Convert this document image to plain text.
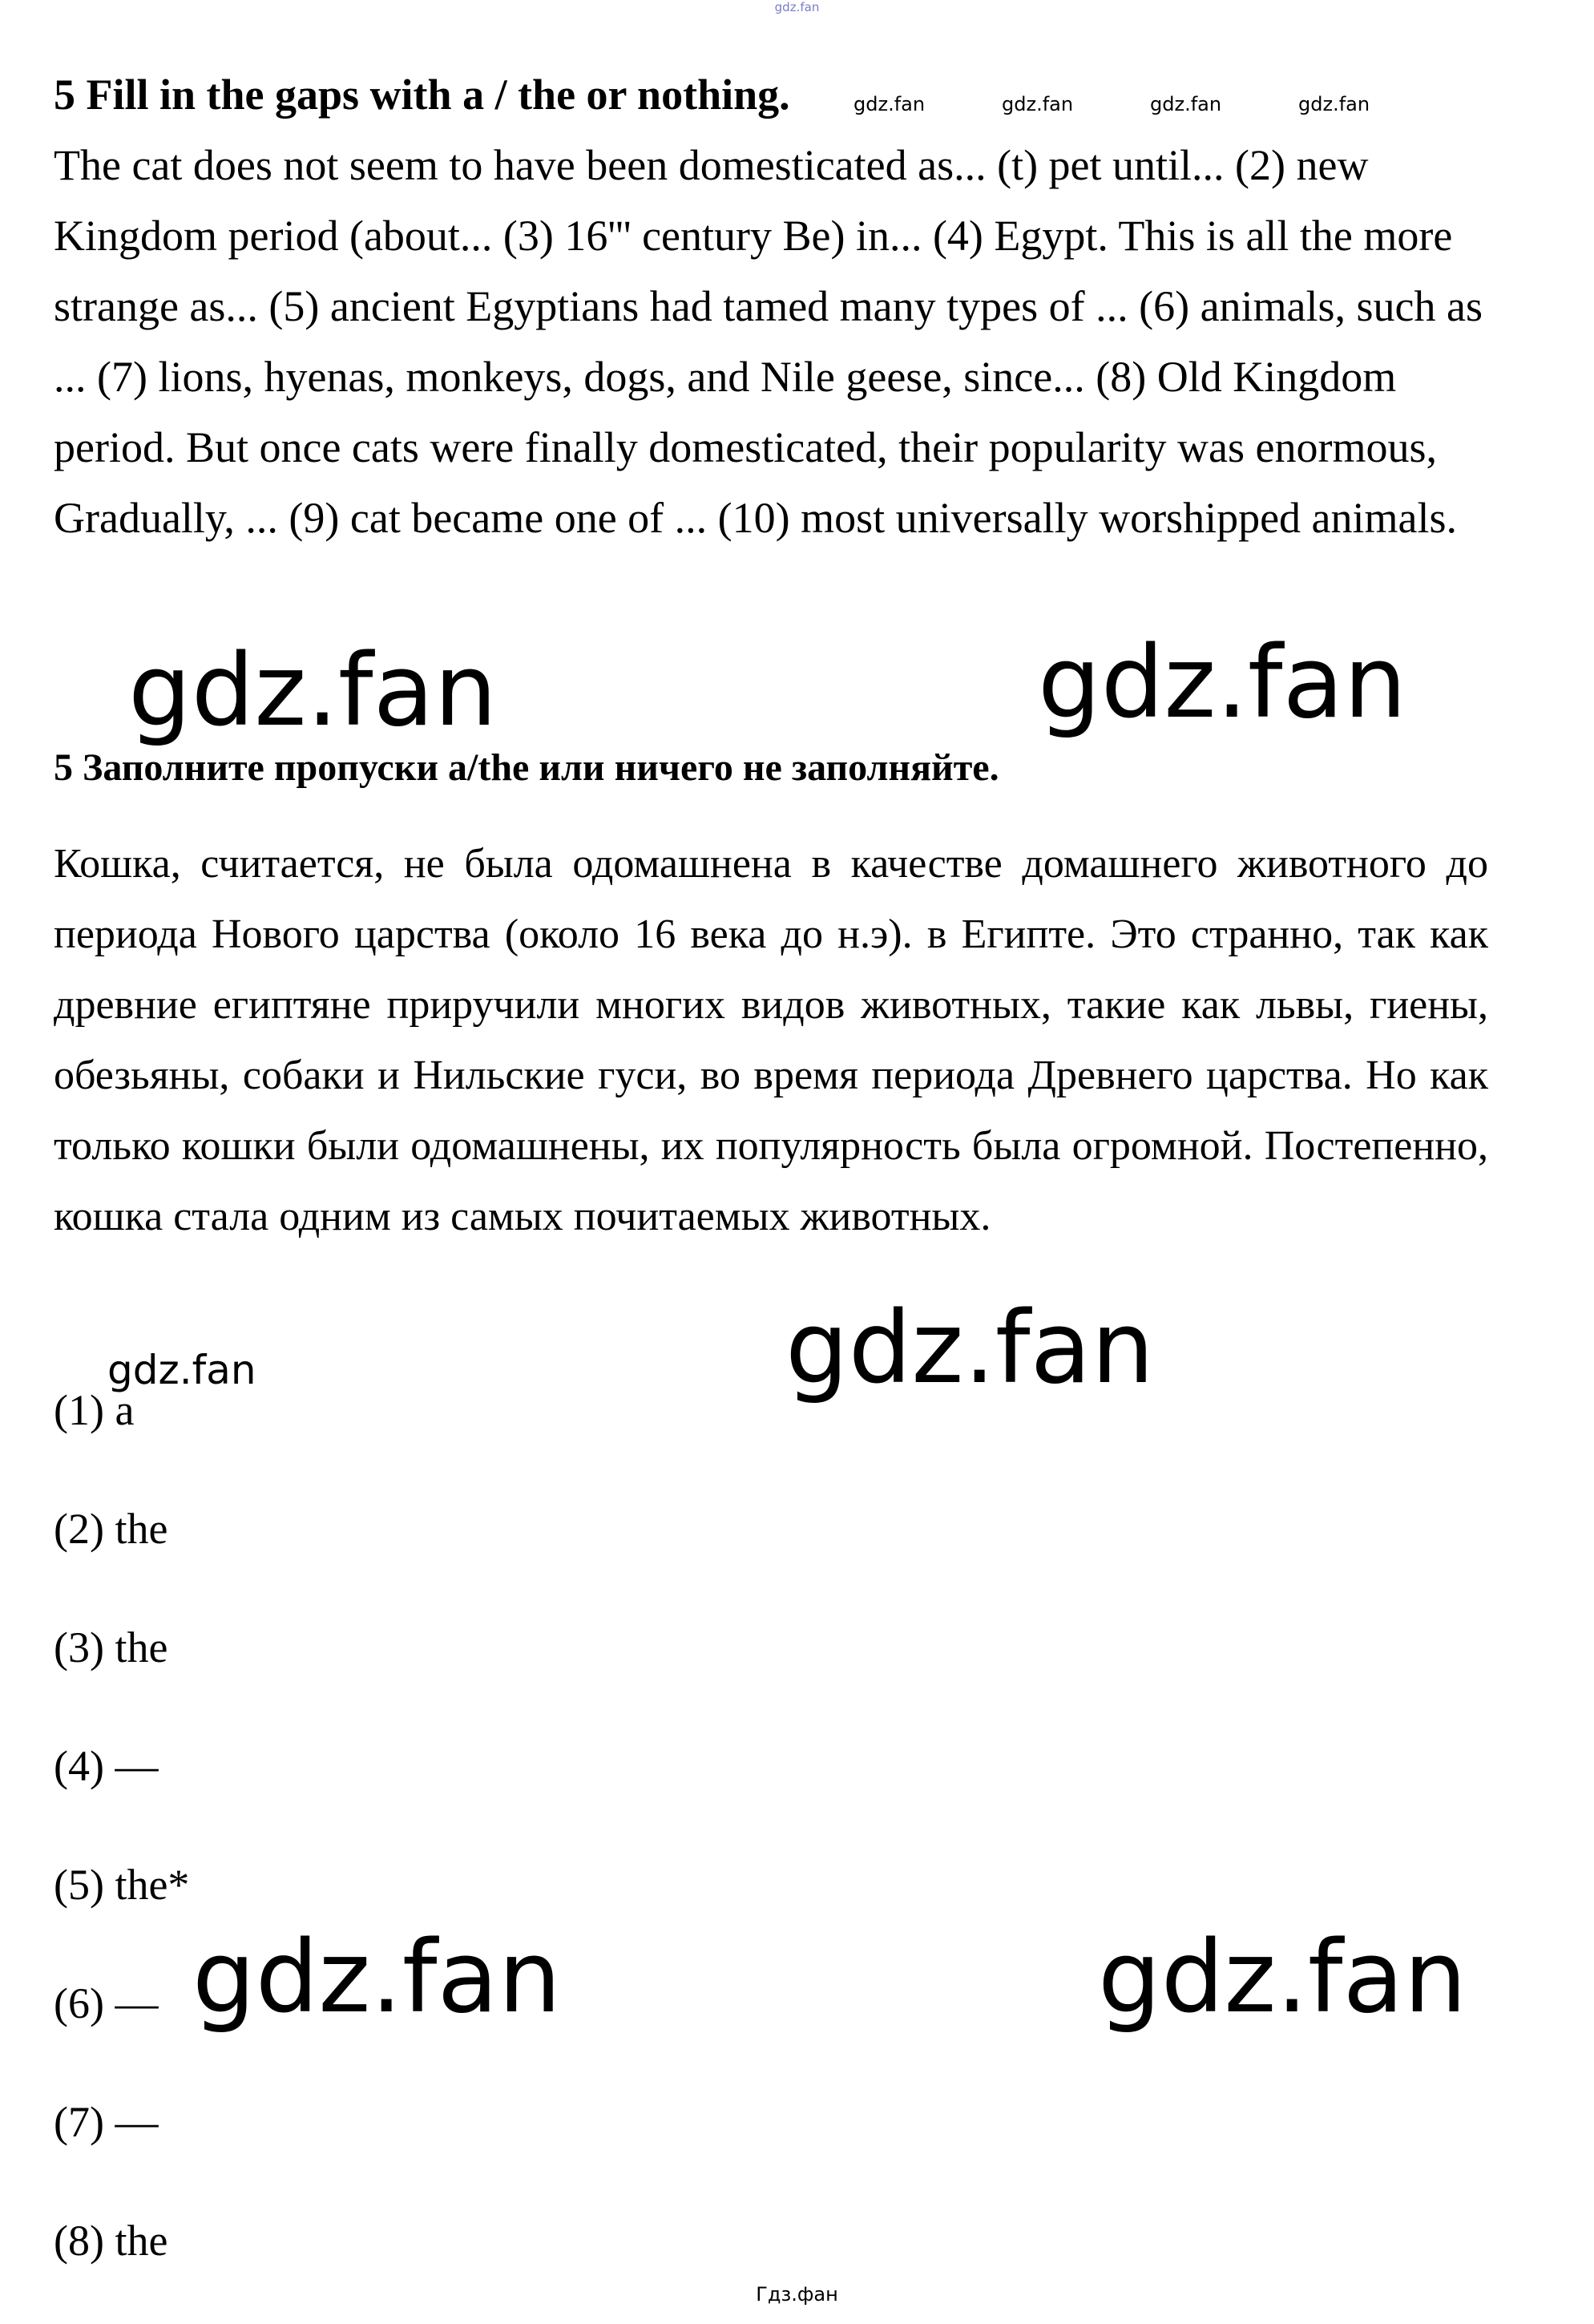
gdz.fan
5 Fill in the gaps with a / the or nothing.

The cat does not seem to have been domesticated as... (t) pet until... (2) new Kingdom period (about... (3) 16''' century Be) in... (4) Egypt. This is all the more strange as... (5) ancient Egyptians had tamed many types of ... (6) animals, such as ... (7) lions, hyenas, monkeys, dogs, and Nile geese, since... (8) Old Kingdom period. But once cats were finally domesticated, their popularity was enormous, Gradually, ... (9) cat became one of ... (10) most universally worshipped animals.

5 Заполните пропуски a/the или ничего не заполняйте.

Кошка, считается, не была одомашнена в качестве домашнего животного до периода Нового царства (около 16 века до н.э). в Египте. Это странно, так как древние египтяне приручили многих видов животных, такие как львы, гиены, обезьяны, собаки и Нильские гуси, во время периода Древнего царства. Но как только кошки были одомашнены, их популярность была огромной. Постепенно, кошка стала одним из самых почитаемых животных.

(1) a
(2) the
(3) the
(4) —
(5) the*
(6) —
(7) —
(8) the
gdz.fan	gdz.fan	gdz.fan	gdz.fan
gdz.fan
gdz.fan	gdz.fan
gdz.fan
gdz.fan	gdz.fan
Гдз.фан
